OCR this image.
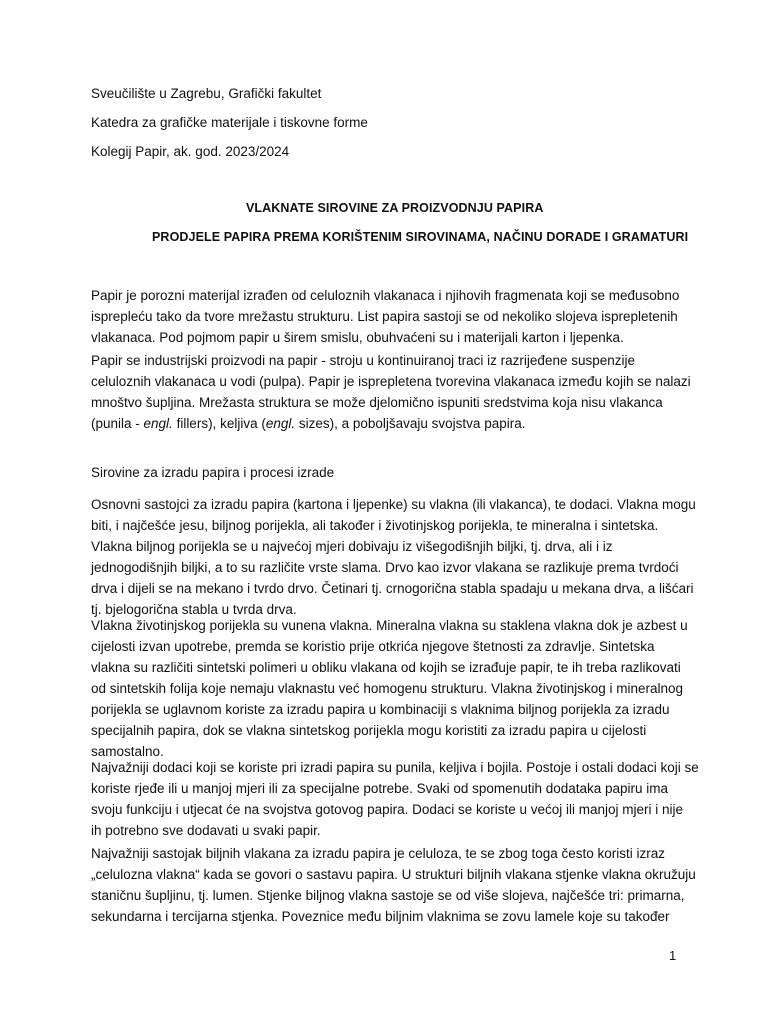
Sveučilište u Zagrebu, Grafički fakultet
Katedra za grafičke materijale i tiskovne forme
Kolegij Papir, ak. god. 2023/2024
VLAKNATE SIROVINE ZA PROIZVODNJU PAPIRA
PRODJELE PAPIRA PREMA KORIŠTENIM SIROVINAMA, NAČINU DORADE I GRAMATURI
Papir je porozni materijal izrađen od celuloznih vlakanaca i njihovih fragmenata koji se međusobno
isprepleću tako da tvore mrežastu strukturu. List papira sastoji se od nekoliko slojeva isprepletenih
vlakanaca. Pod pojmom papir u širem smislu, obuhvaćeni su i materijali karton i ljepenka.
Papir se industrijski proizvodi na papir - stroju u kontinuiranoj traci iz razrijeđene suspenzije
celuloznih vlakanaca u vodi (pulpa). Papir je isprepletena tvorevina vlakanaca između kojih se nalazi
mnoštvo šupljina. Mrežasta struktura se može djelomično ispuniti sredstvima koja nisu vlakanca
(punila - engl. fillers), keljiva (engl. sizes), a poboljšavaju svojstva papira.
Sirovine za izradu papira i procesi izrade
Osnovni sastojci za izradu papira (kartona i ljepenke) su vlakna (ili vlakanca), te dodaci. Vlakna mogu
biti, i najčešće jesu, biljnog porijekla, ali također i životinjskog porijekla, te mineralna i sintetska.
Vlakna biljnog porijekla se u najvećoj mjeri dobivaju iz višegodišnjih biljki, tj. drva, ali i iz
jednogodišnjih biljki, a to su različite vrste slama. Drvo kao izvor vlakana se razlikuje prema tvrdoći
drva i dijeli se na mekano i tvrdo drvo. Četinari tj. crnogorična stabla spadaju u mekana drva, a lišćari
tj. bjelogorična stabla u tvrda drva.
Vlakna životinjskog porijekla su vunena vlakna. Mineralna vlakna su staklena vlakna dok je azbest u
cijelosti izvan upotrebe, premda se koristio prije otkrića njegove štetnosti za zdravlje. Sintetska
vlakna su različiti sintetski polimeri u obliku vlakana od kojih se izrađuje papir, te ih treba razlikovati
od sintetskih folija koje nemaju vlaknastu već homogenu strukturu. Vlakna životinjskog i mineralnog
porijekla se uglavnom koriste za izradu papira u kombinaciji s vlaknima biljnog porijekla za izradu
specijalnih papira, dok se vlakna sintetskog porijekla mogu koristiti za izradu papira u cijelosti
samostalno.
Najvažniji dodaci koji se koriste pri izradi papira su punila, keljiva i bojila. Postoje i ostali dodaci koji se
koriste rjeđe ili u manjoj mjeri ili za specijalne potrebe. Svaki od spomenutih dodataka papiru ima
svoju funkciju i utjecat će na svojstva gotovog papira. Dodaci se koriste u većoj ili manjoj mjeri i nije
ih potrebno sve dodavati u svaki papir.
Najvažniji sastojak biljnih vlakana za izradu papira je celuloza, te se zbog toga često koristi izraz
„celulozna vlakna“ kada se govori o sastavu papira. U strukturi biljnih vlakana stjenke vlakna okružuju
staničnu šupljinu, tj. lumen. Stjenke biljnog vlakna sastoje se od više slojeva, najčešće tri: primarna,
sekundarna i tercijarna stjenka. Poveznice među biljnim vlaknima se zovu lamele koje su također
1
